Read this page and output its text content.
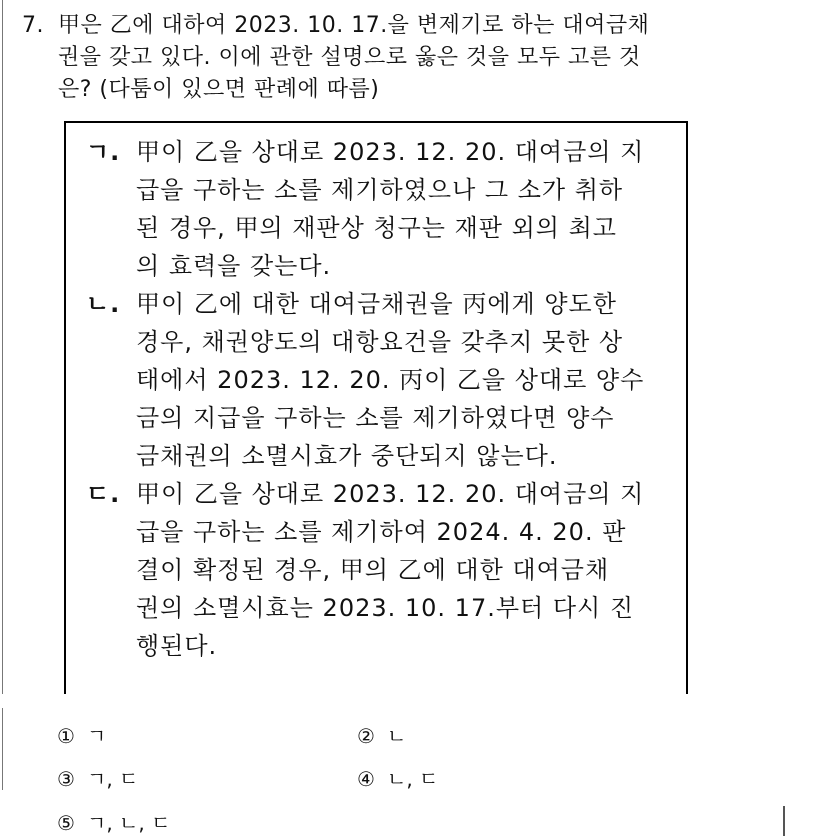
7. 甲은 乙에 대하여 2023. 10. 17.을 변제기로 하는 대여금채
권을 갖고 있다. 이에 관한 설명으로 옳은 것을 모두 고른 것
은? (다툼이 있으면 판례에 따름)
ㄱ. 甲이 乙을 상대로 2023. 12. 20. 대여금의 지
급을 구하는 소를 제기하였으나 그 소가 취하
된 경우, 甲의 재판상 청구는 재판 외의 최고
의 효력을 갖는다.
ㄴ. 甲이 乙에 대한 대여금채권을 丙에게 양도한
경우, 채권양도의 대항요건을 갖추지 못한 상
태에서 2023. 12. 20. 丙이 乙을 상대로 양수
금의 지급을 구하는 소를 제기하였다면 양수
금채권의 소멸시효가 중단되지 않는다.
ㄷ. 甲이 乙을 상대로 2023. 12. 20. 대여금의 지
급을 구하는 소를 제기하여 2024. 4. 20. 판
결이 확정된 경우, 甲의 乙에 대한 대여금채
권의 소멸시효는 2023. 10. 17.부터 다시 진
행된다.
① ㄱ	② ㄴ
③ ㄱ, ㄷ	④ ㄴ, ㄷ
⑤ ㄱ, ㄴ, ㄷ
